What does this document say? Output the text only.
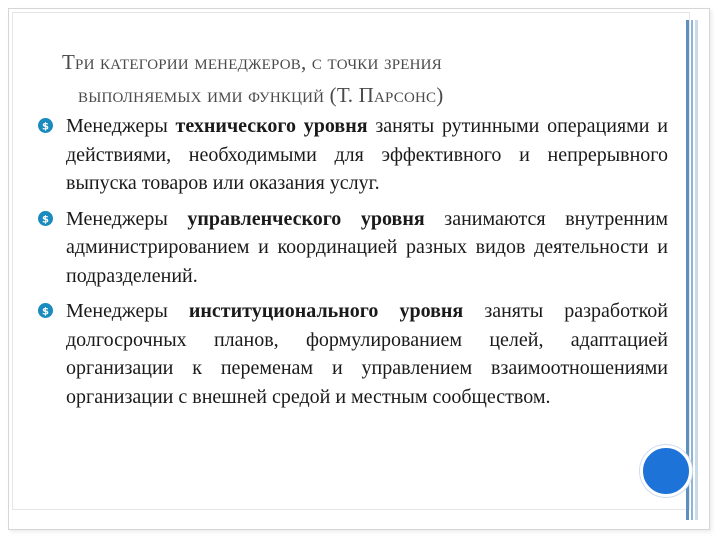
Три категории менеджеров, с точки зрения
выполняемых ими функций (Т. Парсонс)
$ Менеджеры технического уровня заняты рутинными операциями и действиями, необходимыми для эффективного и непрерывного выпуска товаров или оказания услуг.
$ Менеджеры управленческого уровня занимаются внутренним администрированием и координацией разных видов деятельности и подразделений.
$ Менеджеры институционального уровня заняты разработкой долгосрочных планов, формулированием целей, адаптацией организации к переменам и управлением взаимоотношениями организации с внешней средой и местным сообществом.
